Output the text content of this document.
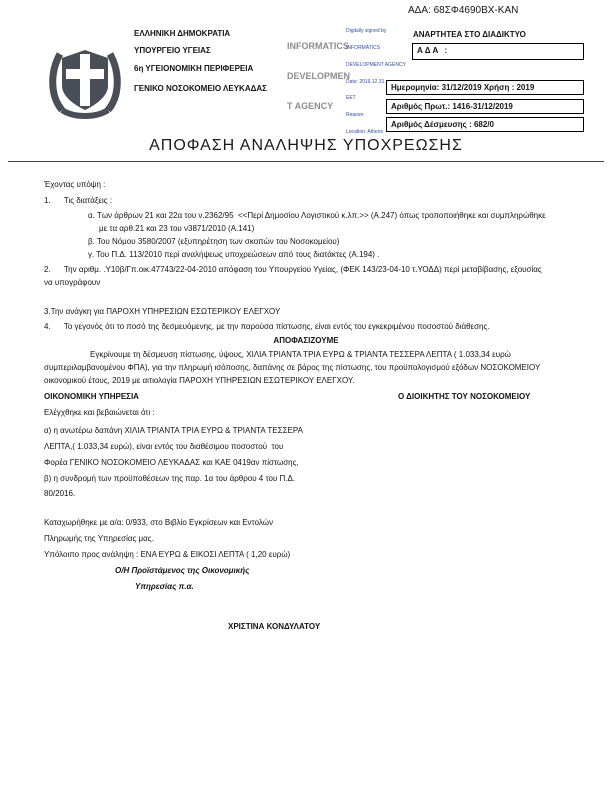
ΑΔΑ: 68ΣΦ4690ΒΧ-ΚΑΝ

ΕΛΛΗΝΙΚΗ ΔΗΜΟΚΡΑΤΙΑ
ΥΠΟΥΡΓΕΙΟ ΥΓΕΙΑΣ
6η ΥΓΕΙΟΝΟΜΙΚΗ ΠΕΡΙΦΕΡΕΙΑ
ΓΕΝΙΚΟ ΝΟΣΟΚΟΜΕΙΟ ΛΕΥΚΑΔΑΣ

INFORMATICS

DEVELOPMEN

T AGENCY

Digitally signed by

INFORMATICS

DEVELOPMENT AGENCY

Date: 2019.12.31

EET

Reason:

Location: Athens

ΑΝΑΡΤΗΤΕΑ ΣΤΟ ΔΙΑΔΙΚΤΥΟ
ΑΔΑ :
Ημερομηνία: 31/12/2019 Χρήση : 2019
Αριθμός Πρωτ.: 1416-31/12/2019
Αριθμός Δέσμευσης : 682/0
ΑΠΟΦΑΣΗ ΑΝΑΛΗΨΗΣ ΥΠΟΧΡΕΩΣΗΣ
Έχοντας υπόψη :
1.      Τις διατάξεις :
α. Των άρθρων 21 και 22α του ν.2362/95  <<Περί Δημοσίου Λογιστικού κ.λπ.>> (Α.247) όπως τροποποιήθηκε και συμπληρώθηκε
με τα αρθ.21 και 23 του ν3871/2010 (Α.141)
β. Του Νόμου 3580/2007 (εξυπηρέτηση των σκοπών του Νοσοκομείου)
γ. Του Π.Δ. 113/2010 περί αναλήψεως υποχρεώσεων από τους διατάκτες (Α.194) .
2.      Την αριθμ. .Υ10β/Γπ.οικ.47743/22-04-2010 απόφαση του Υπουργείου Υγείας, (ΦΕΚ 143/23-04-10 τ.ΥΟΔΔ) περί μεταβίβασης, εξουσίας
να υπογράφουν
3.Την ανάγκη για ΠΑΡΟΧΗ ΥΠΗΡΕΣΙΩΝ ΕΣΩΤΕΡΙΚΟΥ ΕΛΕΓΧΟΥ
4.      Το γεγονός ότι το ποσό της δεσμευόμενης, με την παρούσα πίστωσης, είναι εντός του εγκεκριμένου ποσοστού διάθεσης.
ΑΠΟΦΑΣΙΖΟΥΜΕ
Εγκρίνουμε τη δέσμευση πίστωσης, ύψους, ΧΙΛΙΑ ΤΡΙΑΝΤΑ ΤΡΙΑ ΕΥΡΩ & ΤΡΙΑΝΤΑ ΤΕΣΣΕΡΑ ΛΕΠΤΑ ( 1.033,34 ευρώ
συμπεριλαμβανομένου ΦΠΑ), για την πληρωμή ισόποσης, δαπάνης σε βάρος της πίστωσης, του προϋπολογισμού εξόδων ΝΟΣΟΚΟΜΕΙΟΥ
οικονομικού έτους, 2019 με αιτιολογία ΠΑΡΟΧΗ ΥΠΗΡΕΣΙΩΝ ΕΣΩΤΕΡΙΚΟΥ ΕΛΕΓΧΟΥ.
ΟΙΚΟΝΟΜΙΚΗ ΥΠΗΡΕΣΙΑ	Ο ΔΙΟΙΚΗΤΗΣ ΤΟΥ ΝΟΣΟΚΟΜΕΙΟΥ
Ελέγχθηκε και βεβαιώνεται ότι :
α) η ανωτέρω δαπάνη ΧΙΛΙΑ ΤΡΙΑΝΤΑ ΤΡΙΑ ΕΥΡΩ & ΤΡΙΑΝΤΑ ΤΕΣΣΕΡΑ
ΛΕΠΤΑ,( 1.033,34 ευρώ), είναι εντός του διαθέσιμου ποσοστού  του
Φορέα ΓΕΝΙΚΟ ΝΟΣΟΚΟΜΕΙΟ ΛΕΥΚΑΔΑΣ και ΚΑΕ 0419αν πίστωσης,
β) η συνδρομή των προϋποθέσεων της παρ. 1α του άρθρου 4 του Π.Δ.
80/2016.
Καταχωρήθηκε με α/α: 0/933, στο Βιβλίο Εγκρίσεων και Εντολών
Πληρωμής της Υπηρεσίας μας.
Υπόλοιπο προς ανάληψη : ΕΝΑ ΕΥΡΩ & ΕΙΚΟΣΙ ΛΕΠΤΑ ( 1,20 ευρώ)
Ο/Η Προϊστάμενος της Οικονομικής
Υπηρεσίας π.α.
ΧΡΙΣΤΙΝΑ ΚΟΝΔΥΛΑΤΟΥ
